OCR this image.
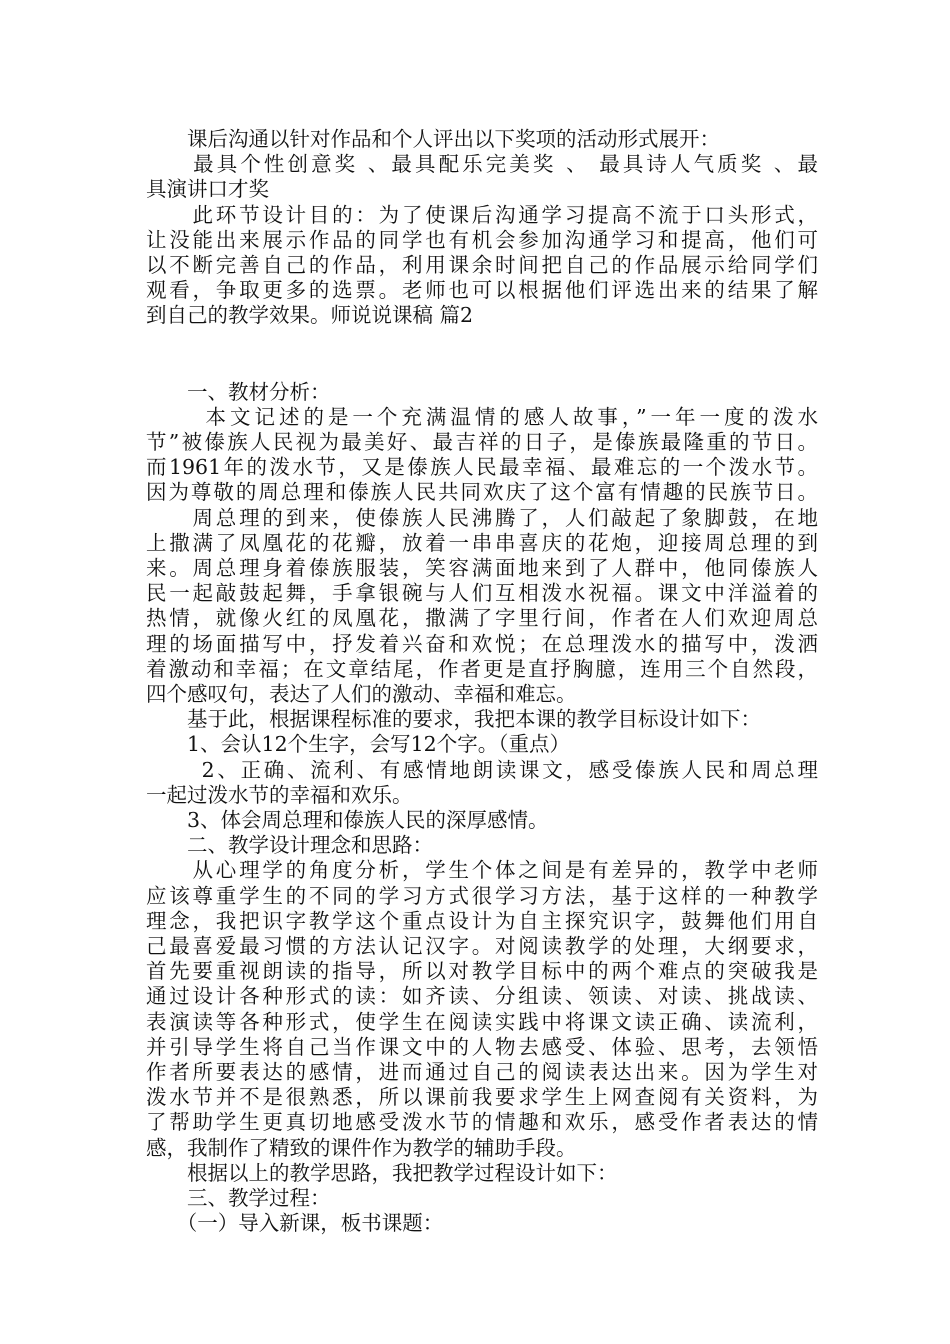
　　课后沟通以针对作品和个人评出以下奖项的活动形式展开：
　　最具个性创意奖 、最具配乐完美奖 、 最具诗人气质奖 、最
具演讲口才奖
　　此环节设计目的：为了使课后沟通学习提高不流于口头形式，
让没能出来展示作品的同学也有机会参加沟通学习和提高，他们可
以不断完善自己的作品，利用课余时间把自己的作品展示给同学们
观看，争取更多的选票。老师也可以根据他们评选出来的结果了解
到自己的教学效果。师说说课稿 篇2
　　一、教材分析：
　　 本文记述的是一个充满温情的感人故事，”一年一度的泼水
节”被傣族人民视为最美好、最吉祥的日子，是傣族最隆重的节日。
而1961年的泼水节，又是傣族人民最幸福、最难忘的一个泼水节。
因为尊敬的周总理和傣族人民共同欢庆了这个富有情趣的民族节日。
　　周总理的到来，使傣族人民沸腾了，人们敲起了象脚鼓，在地
上撒满了凤凰花的花瓣，放着一串串喜庆的花炮，迎接周总理的到
来。周总理身着傣族服装，笑容满面地来到了人群中，他同傣族人
民一起敲鼓起舞，手拿银碗与人们互相泼水祝福。课文中洋溢着的
热情，就像火红的凤凰花，撒满了字里行间，作者在人们欢迎周总
理的场面描写中，抒发着兴奋和欢悦；在总理泼水的描写中，泼洒
着激动和幸福；在文章结尾，作者更是直抒胸臆，连用三个自然段，
四个感叹句，表达了人们的激动、幸福和难忘。
　　基于此，根据课程标准的要求，我把本课的教学目标设计如下：
　　1、会认12个生字，会写12个字。（重点）
　　 2、正确、流利、有感情地朗读课文，感受傣族人民和周总理
一起过泼水节的幸福和欢乐。
　　3、体会周总理和傣族人民的深厚感情。
　　二、教学设计理念和思路：
　　从心理学的角度分析，学生个体之间是有差异的，教学中老师
应该尊重学生的不同的学习方式很学习方法，基于这样的一种教学
理念，我把识字教学这个重点设计为自主探究识字，鼓舞他们用自
己最喜爱最习惯的方法认记汉字。对阅读教学的处理，大纲要求，
首先要重视朗读的指导，所以对教学目标中的两个难点的突破我是
通过设计各种形式的读：如齐读、分组读、领读、对读、挑战读、
表演读等各种形式，使学生在阅读实践中将课文读正确、读流利，
并引导学生将自己当作课文中的人物去感受、体验、思考，去领悟
作者所要表达的感情，进而通过自己的阅读表达出来。因为学生对
泼水节并不是很熟悉，所以课前我要求学生上网查阅有关资料，为
了帮助学生更真切地感受泼水节的情趣和欢乐，感受作者表达的情
感，我制作了精致的课件作为教学的辅助手段。
　　根据以上的教学思路，我把教学过程设计如下：
　　三、教学过程：
　　（一）导入新课，板书课题：
